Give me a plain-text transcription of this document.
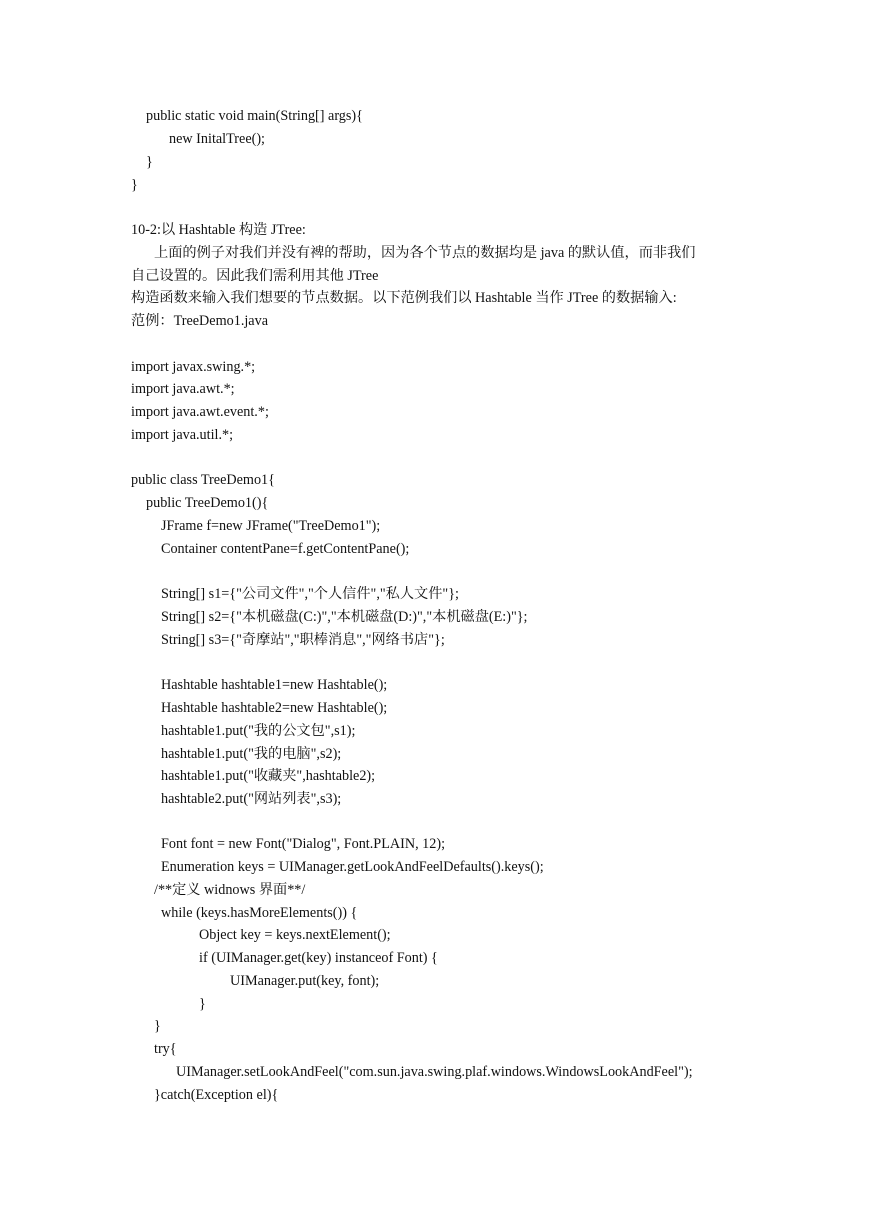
public static void main(String[] args){
new InitalTree();
}
}
10-2:以 Hashtable 构造 JTree:
上面的例子对我们并没有裨的帮助，因为各个节点的数据均是 java 的默认值，而非我们
自己设置的。因此我们需利用其他 JTree
构造函数来输入我们想要的节点数据。以下范例我们以 Hashtable 当作 JTree 的数据输入:
范例：TreeDemo1.java
import javax.swing.*;
import java.awt.*;
import java.awt.event.*;
import java.util.*;
public class TreeDemo1{
public TreeDemo1(){
JFrame f=new JFrame("TreeDemo1");
Container contentPane=f.getContentPane();
String[] s1={"公司文件","个人信件","私人文件"};
String[] s2={"本机磁盘(C:)","本机磁盘(D:)","本机磁盘(E:)"};
String[] s3={"奇摩站","职棒消息","网络书店"};
Hashtable hashtable1=new Hashtable();
Hashtable hashtable2=new Hashtable();
hashtable1.put("我的公文包",s1);
hashtable1.put("我的电脑",s2);
hashtable1.put("收藏夹",hashtable2);
hashtable2.put("网站列表",s3);
Font font = new Font("Dialog", Font.PLAIN, 12);
Enumeration keys = UIManager.getLookAndFeelDefaults().keys();
/**定义 widnows 界面**/
while (keys.hasMoreElements()) {
Object key = keys.nextElement();
if (UIManager.get(key) instanceof Font) {
UIManager.put(key, font);
}
}
try{
UIManager.setLookAndFeel("com.sun.java.swing.plaf.windows.WindowsLookAndFeel");
}catch(Exception el){
